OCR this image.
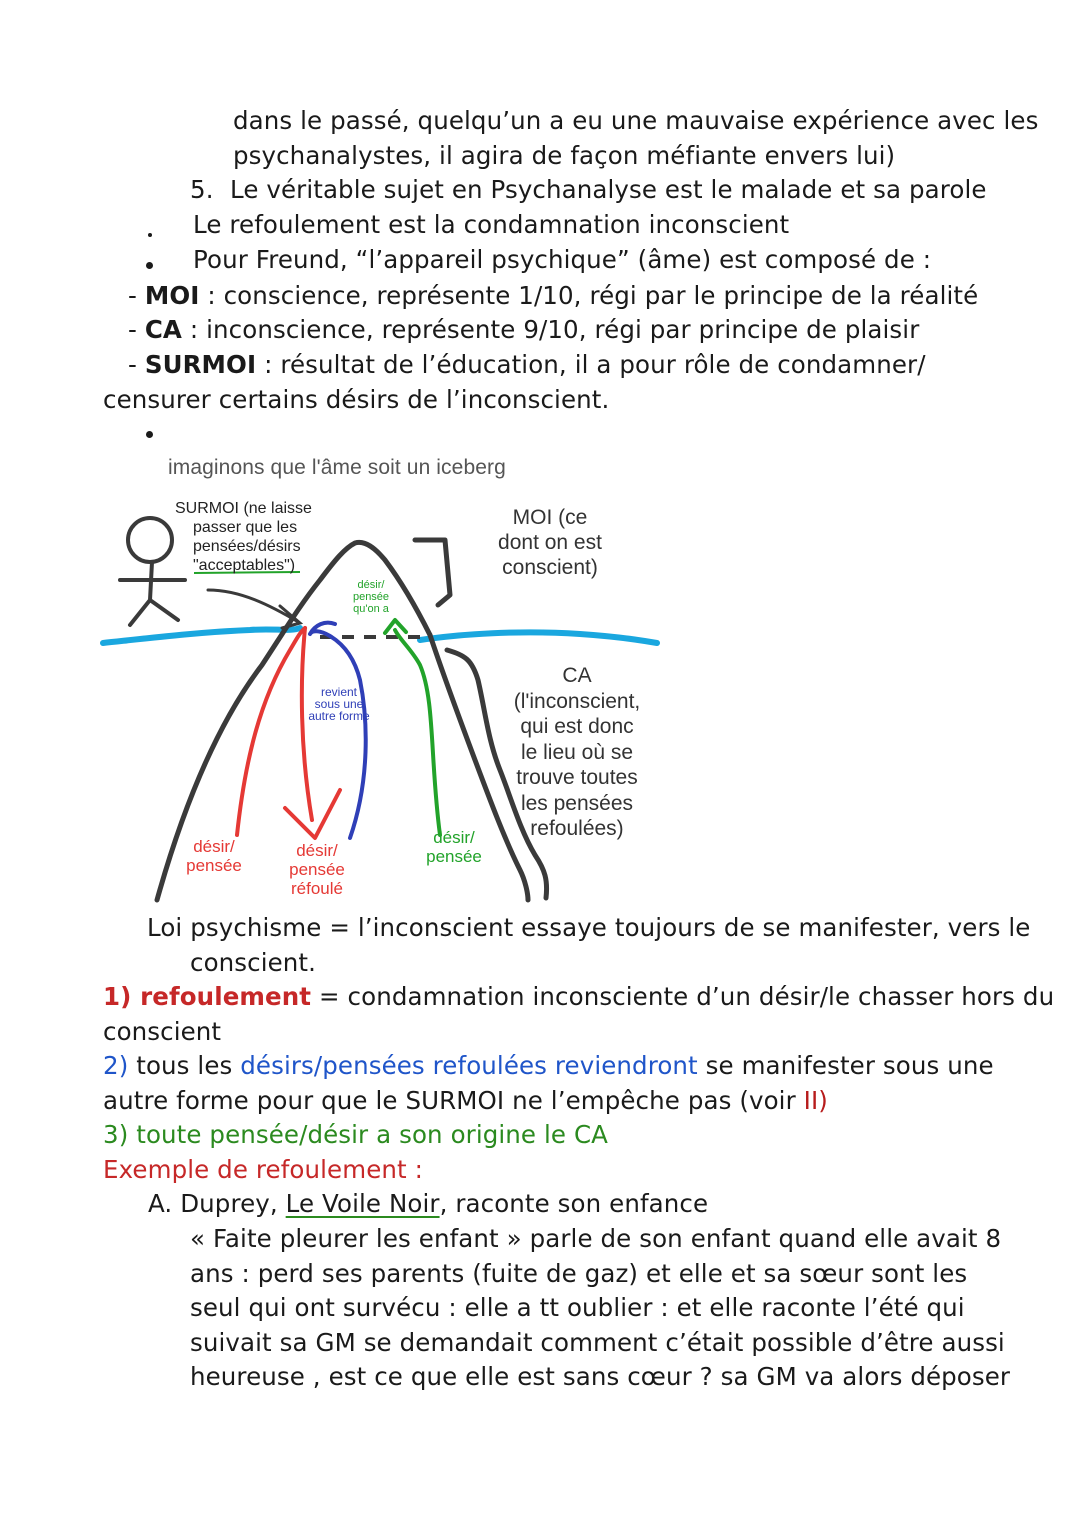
dans le passé, quelqu’un a eu une mauvaise expérience avec les
psychanalystes, il agira de façon méfiante envers lui)
5. Le véritable sujet en Psychanalyse est le malade et sa parole
Le refoulement est la condamnation inconscient
Pour Freund, “l’appareil psychique” (âme) est composé de :
- MOI : conscience, représente 1/10, régi par le principe de la réalité
- CA : inconscience, représente 9/10, régi par principe de plaisir
- SURMOI : résultat de l’éducation, il a pour rôle de condamner/
censurer certains désirs de l’inconscient.
imaginons que l'âme soit un iceberg
SURMOI (ne laisse
passer que les
pensées/désirs
"acceptables")
MOI (ce
dont on est
conscient)
CA
(l'inconscient,
qui est donc
le lieu où se
trouve toutes
les pensées
refoulées)
désir/
pensée
qu'on a
revient
sous une
autre forme
désir/
pensée
désir/
pensée
réfoulé
désir/
pensée
Loi psychisme = l’inconscient essaye toujours de se manifester, vers le
conscient.
1) refoulement = condamnation inconsciente d’un désir/le chasser hors du
conscient
2) tous les désirs/pensées refoulées reviendront se manifester sous une
autre forme pour que le SURMOI ne l’empêche pas (voir II)
3) toute pensée/désir a son origine le CA
Exemple de refoulement :
A. Duprey, Le Voile Noir, raconte son enfance
« Faite pleurer les enfant » parle de son enfant quand elle avait 8
ans : perd ses parents (fuite de gaz) et elle et sa sœur sont les
seul qui ont survécu : elle a tt oublier : et elle raconte l’été qui
suivait sa GM se demandait comment c’était possible d’être aussi
heureuse , est ce que elle est sans cœur ? sa GM va alors déposer
